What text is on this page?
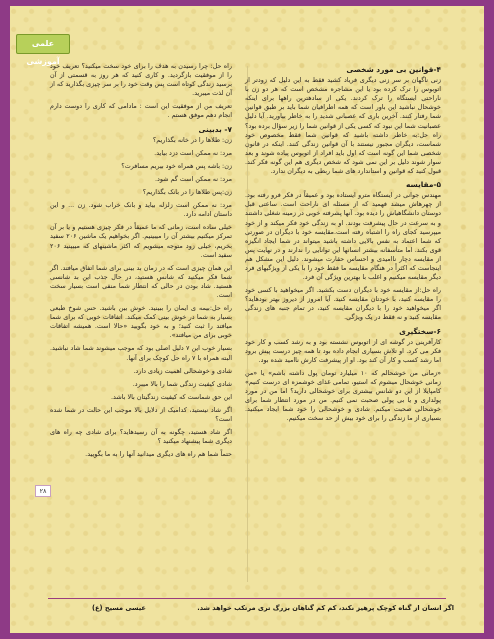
علمی آموزشی
۲۸
۴-قوانین بی مورد شخصی

زنی ناگهان بر سر زنی دیگری فریاد کشید فقط به این دلیل که زودتر از اتوبوس را ترک کرده بود یا این مشاجره مشخص است که هر دو زن با ناراحتی ایستگاه را ترک کردند. یکی از سادهترین راهها برای اینکه خوشحال نباشید این باور است که همه اطرافیان شما باید بر طبق قوانین شما رفتار کنند. آخرین باری که عصبانی شدید را به خاطر بیاورید. آیا دلیل عصبانیت شما این نبود که کسی یکی از قوانین شما را زیر سؤال برده بود؟ راه حل:به خاطر داشته باشید که قوانین شما فقط مخصوص خود شماست، دیگران مجبور نیستند با آن قوانین زندگی کنند. اینکه در قانون شخصی شما این گونه است که اول باید افراد از اتوبوس پیاده شوند و بعد سوار شوند دلیل بر این نمی شود که شخص دیگری هم این گونه فکر کند. قبول کنید که قوانین و استاندارد های شما ربطی به دیگران ندارد.

۵-مقایسه

مهندس جوانی در ایستگاه مترو ایستاده بود و عمیقاً در فکر فرو رفته بود. از چهرهاش میشد فهمید که از مسئله ای ناراحت است. ساعتی قبل دوستان دانشگاهیاش را دیده بود. آنها پشرفته خوبی در زمینه شغلی داشتند و به سرعت در حال پیشرفت بودند. او به زندگی خود فکر میکند و از خود میپرسید کجای راه را اشتباه رفته است.مقایسه خود با دیگران در صورتی که شما اعتماد به نفس بالایی داشته باشید میتواند در شما ایجاد انگیزه قوی بکند. اما متأسفانه بیشتر انسانها این توانایی را ندارند و در نهایت پس از مقایسه دچار ناامیدی و احساس حقارت میشوند. دلیل این مشکل هم اینجاست که اکثراً در هنگام مقایسه ما فقط خود را با یکی از ویژگیهای فرد دیگر مقایسه میکنیم و اغلب با بهترین ویژگی آن فرد.

راه حل:از مقایسه خود با دیگران دست بکشید. اگر میخواهید با کسی خود را مقایسه کنید، با خودتان مقایسه کنید. آیا امروز از دیروز بهتر بودهاید؟ اگر میخواهید خود را با دیگران مقایسه کنید، در تمام جنبه های زندگی مقایسه کنید و نه فقط در یک ویژگی.

۶-سختگیری

کارآفرینی در گوشه ای از اتوبوس نشسته بود و به رشد کسب و کار خود فکر می کرد. او تلاش بسیاری انجام داده بود تا همه چیز درست پیش برود اما رشد کسب و کار آن کند بود. او از پیشرفت کارش ناامید شده بود.

«زمانی من خوشحالم که ۱۰ میلیارد تومان پول داشته باشم» یا «من زمانی خوشحال میشوم که استیو، تمامی غذای خوشمزه ای درست کنیم» کامپایلا از این دو شانس بیشتری برای خوشحالی دارید؟ اما من در مورد پولداری و یا بی پولی صحبت نمی کنیم. من در مورد انتظار شما برای خوشحالی صحبت میکنم. شادی و خوشحالی را خود شما ایجاد میکنید. بسیاری از ما زندگی را برای خود بیش از حد سخت میکنیم.

راه حل: چرا رسیدن به هدف را برای خود سخت میکنید؟ تعریف خود را از موفقیت بازگردید. و کاری کنید که هر روز به قسمتی از آن برسید زندگی کوتاه است پس وقت خود را بر سر چیزی بگذارید که از آن لذت میبرید.

تعریف من از موفقیت این است : مادامی که کاری را دوست دارم انجام دهم موفق هستم .

۷- بدبینی

زن: طلاها را در خانه بگذاریم؟

مرد: نه ممکن است دزد بیاید.

زن: باشه پس همراه خود بیریم مسافرت؟

مرد: نه ممکن است گم شود.

زن:پس طلاها را در بانک بگذاریم؟

مرد: نه ممکن است زلزله بیاید و بانک خراب شود. زن ... و این داستان ادامه دارد.

خیلی ساده است، زمانی که ما عمیقاً در فکر چیزی هستیم و یا بر آن تمرکز میکنیم بیشتر آن را میبینیم. اگر بخواهیم یک ماشین ۲۰۶ سفید بخریم، خیلی زود متوجه میشویم که اکثر ماشینهای که میبینید ۲۰۶ سفید است.

این همان چیزی است که در زمان بد بینی برای شما اتفاق میافتد. اگر شما فکر میکنید که شانس هستید، در حال جذب این بد شانسی هستید. شاد بودن در حالی که انتظار شما منفی است بسیار سخت است.

راه حل:بیمه ی ایمان را ببینید. خوش بین باشید. حس شوخ طبعی بسیار به شما در خوش بینی کمک میکند. اتفاقات خوبی که برای شما میافتد را ثبت کنید؛ و به خود بگویید «حالا است. همیشه اتفاقات خوبی برای من میافتد».

بسیار خوب این ۷ دلیل اصلی بود که موجب میشوند شما شاد نباشید. البته همراه با ۷ راه حل کوچک برای آنها.

شادی و خوشحالی اهمیت زیادی دارد.

شادی کیفیت زندگی شما را بالا میبرد.

این حق شماست که کیفیت زندگیتان بالا باشد.

اگر شاد نیستید، کدامیک از دلایل بالا موجب این حالت در شما شده است؟

اگر شاد هستید، چگونه به آن رسیدهاید؟ برای شادی چه راه های دیگری شما پیشنهاد میکنید ؟

حتماً شما هم راه های دیگری میدانید آنها را به ما بگویید.

اگر انسان از گناه کوچک پرهیز نکند، کم کم گناهان بزرگ تری مرتکب خواهد شد.
عیسی مسیح (ع)
